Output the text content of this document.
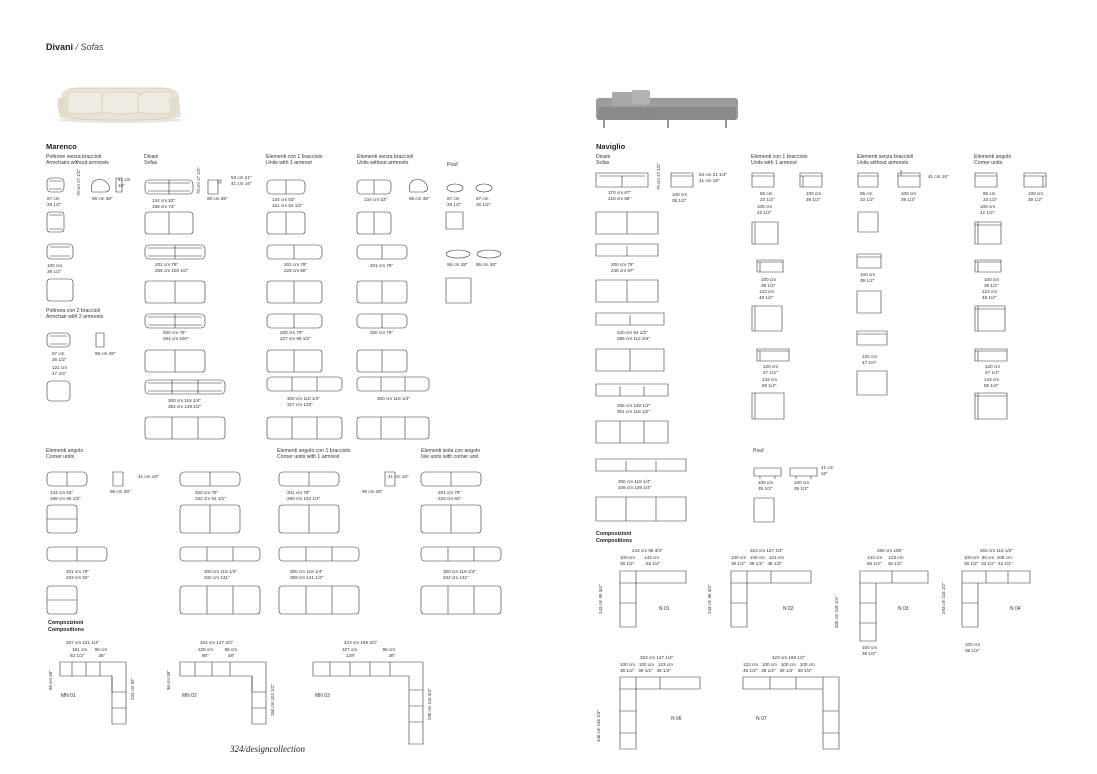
Divani / Sofas
Marenco	Naviglio
Poltrone senza braccioli
Armchairs without armrests
Divani
Sofas
Elementi con 1 bracciolo
Units with 1 armrest
Elementi senza braccioli
Units without armrests	Pouf
Poltrona con 2 braccioli
Armchair with 2 armrests
Elementi angolo
Corner units
Elementi angolo con 1 bracciolo
Corner units with 1 armrest
Elementi isola con angolo
Isle units with corner unit
Composizioni
Compositions
67 cm
26 1/2"
96 cm 38"
41 cm
16"
70 cm 27 1/2"
100 cm
39 1/2"
134 cm 53"
188 cm 74"
96 cm 38"
53 cm 21"
41 cm 16"
70 cm 27 1/2"
201 cm 79"
255 cm 100 1/2"
200 cm 79"
254 cm 100"
300 cm 118 1/4"
354 cm 139 1/2"
134 cm 53"
161 cm 63 1/2"
201 cm 79"
228 cm 90"
200 cm 79"
227 cm 89 1/2"
300 cm 118 1/4"
327 cm 129"
134 cm 53"	96 cm 38"
201 cm 79"
200 cm 79"
300 cm 118 1/4"
67 cm
26 1/2"
67 cm
26 1/2"
96 cm 38" 96 cm 38"
67 cm
26 1/2"
96 cm 38"
121 cm
47 3/4"
134 cm 53"
168 cm 65 1/2"
96 cm 38"
41 cm 16"
201 cm 79"
233 cm 92"
200 cm 79"
232 cm 91 1/2"
300 cm 118 1/4"
332 cm 131"
201 cm 79"
260 cm 102 1/2"
96 cm 38"
41 cm 16"
300 cm 118 1/4"
359 cm 141 1/2"
201 cm 79"
233 cm 92"
300 cm 118 1/4"
332 cm 131"
257 cm 101 1/4"
161 cm 96 cm
63 1/2"	38"
96 cm 38"	233 cm 92"
MN 01
324 cm 127 3/4"
228 cm	96 cm
90"	38"
96 cm 38"
260 cm 102 1/2"
MN 02
423 cm 166 3/4"
327 cm	96 cm
129"	38"
296 cm 116 3/4"
MN 03
Divani
Sofas
Elementi con 1 bracciolo
Units with 1 armrest
Elementi senza braccioli
Units without armrests
Elementi angolo
Corner units
Pouf
Composizioni
Compositions
170 cm 67"
216 cm 85"
54 cm 21 1/4"
41 cm 16"
100 cm
39 1/2"
70 cm 27 1/2"
200 cm 79"
246 cm 97"
240 cm 94 1/2"
286 cm 112 3/4"
255 cm 100 1/2"
301 cm 118 1/2"
300 cm 118 1/4"
346 cm 136 1/4"
85 cm
33 1/2"
100 cm
39 1/2"
108 cm
42 1/2"
100 cm
39 1/2"
123 cm
48 1/2"
120 cm
47 1/4"
143 cm
56 1/4"
85 cm
33 1/2"
100 cm
39 1/2"
41 cm 16"
100 cm
39 1/2"
120 cm
47 1/4"
85 cm
33 1/2"
100 cm
39 1/2"
108 cm
42 1/2"
100 cm
39 1/2"
123 cm
48 1/2"
120 cm
47 1/4"
143 cm
56 1/4"
100 cm
39 1/2"
100 cm
39 1/2"
41 cm
16"
243 cm 95 3/4"
100 cm 143 cm
39 1/2"	56 1/4"
243 cm 95 3/4"	N 01
323 cm 127 1/4"
100 cm 100 cm 123 cm
39 1/2" 39 1/2" 48 1/2"
243 cm 95 3/4"	N 02
266 cm 105"
143 cm 123 cm
56 1/4" 48 1/2"
300 cm 118 1/4"
100 cm
39 1/2"
N 03
293 cm 115 1/2"
100 cm 85 cm 108 cm
39 1/2" 33 1/2" 42 1/2"
293 cm 115 1/2"
100 cm
39 1/2"
N 04
323 cm 127 1/4"
100 cm 100 cm 123 cm
39 1/2" 39 1/2" 48 1/2"
346 cm 136 1/4"	N 06
423 cm 166 1/2"
123 cm 100 cm 100 cm 100 cm
48 1/2" 39 1/2" 39 1/2" 39 1/2"
N 07
324/designcollection
